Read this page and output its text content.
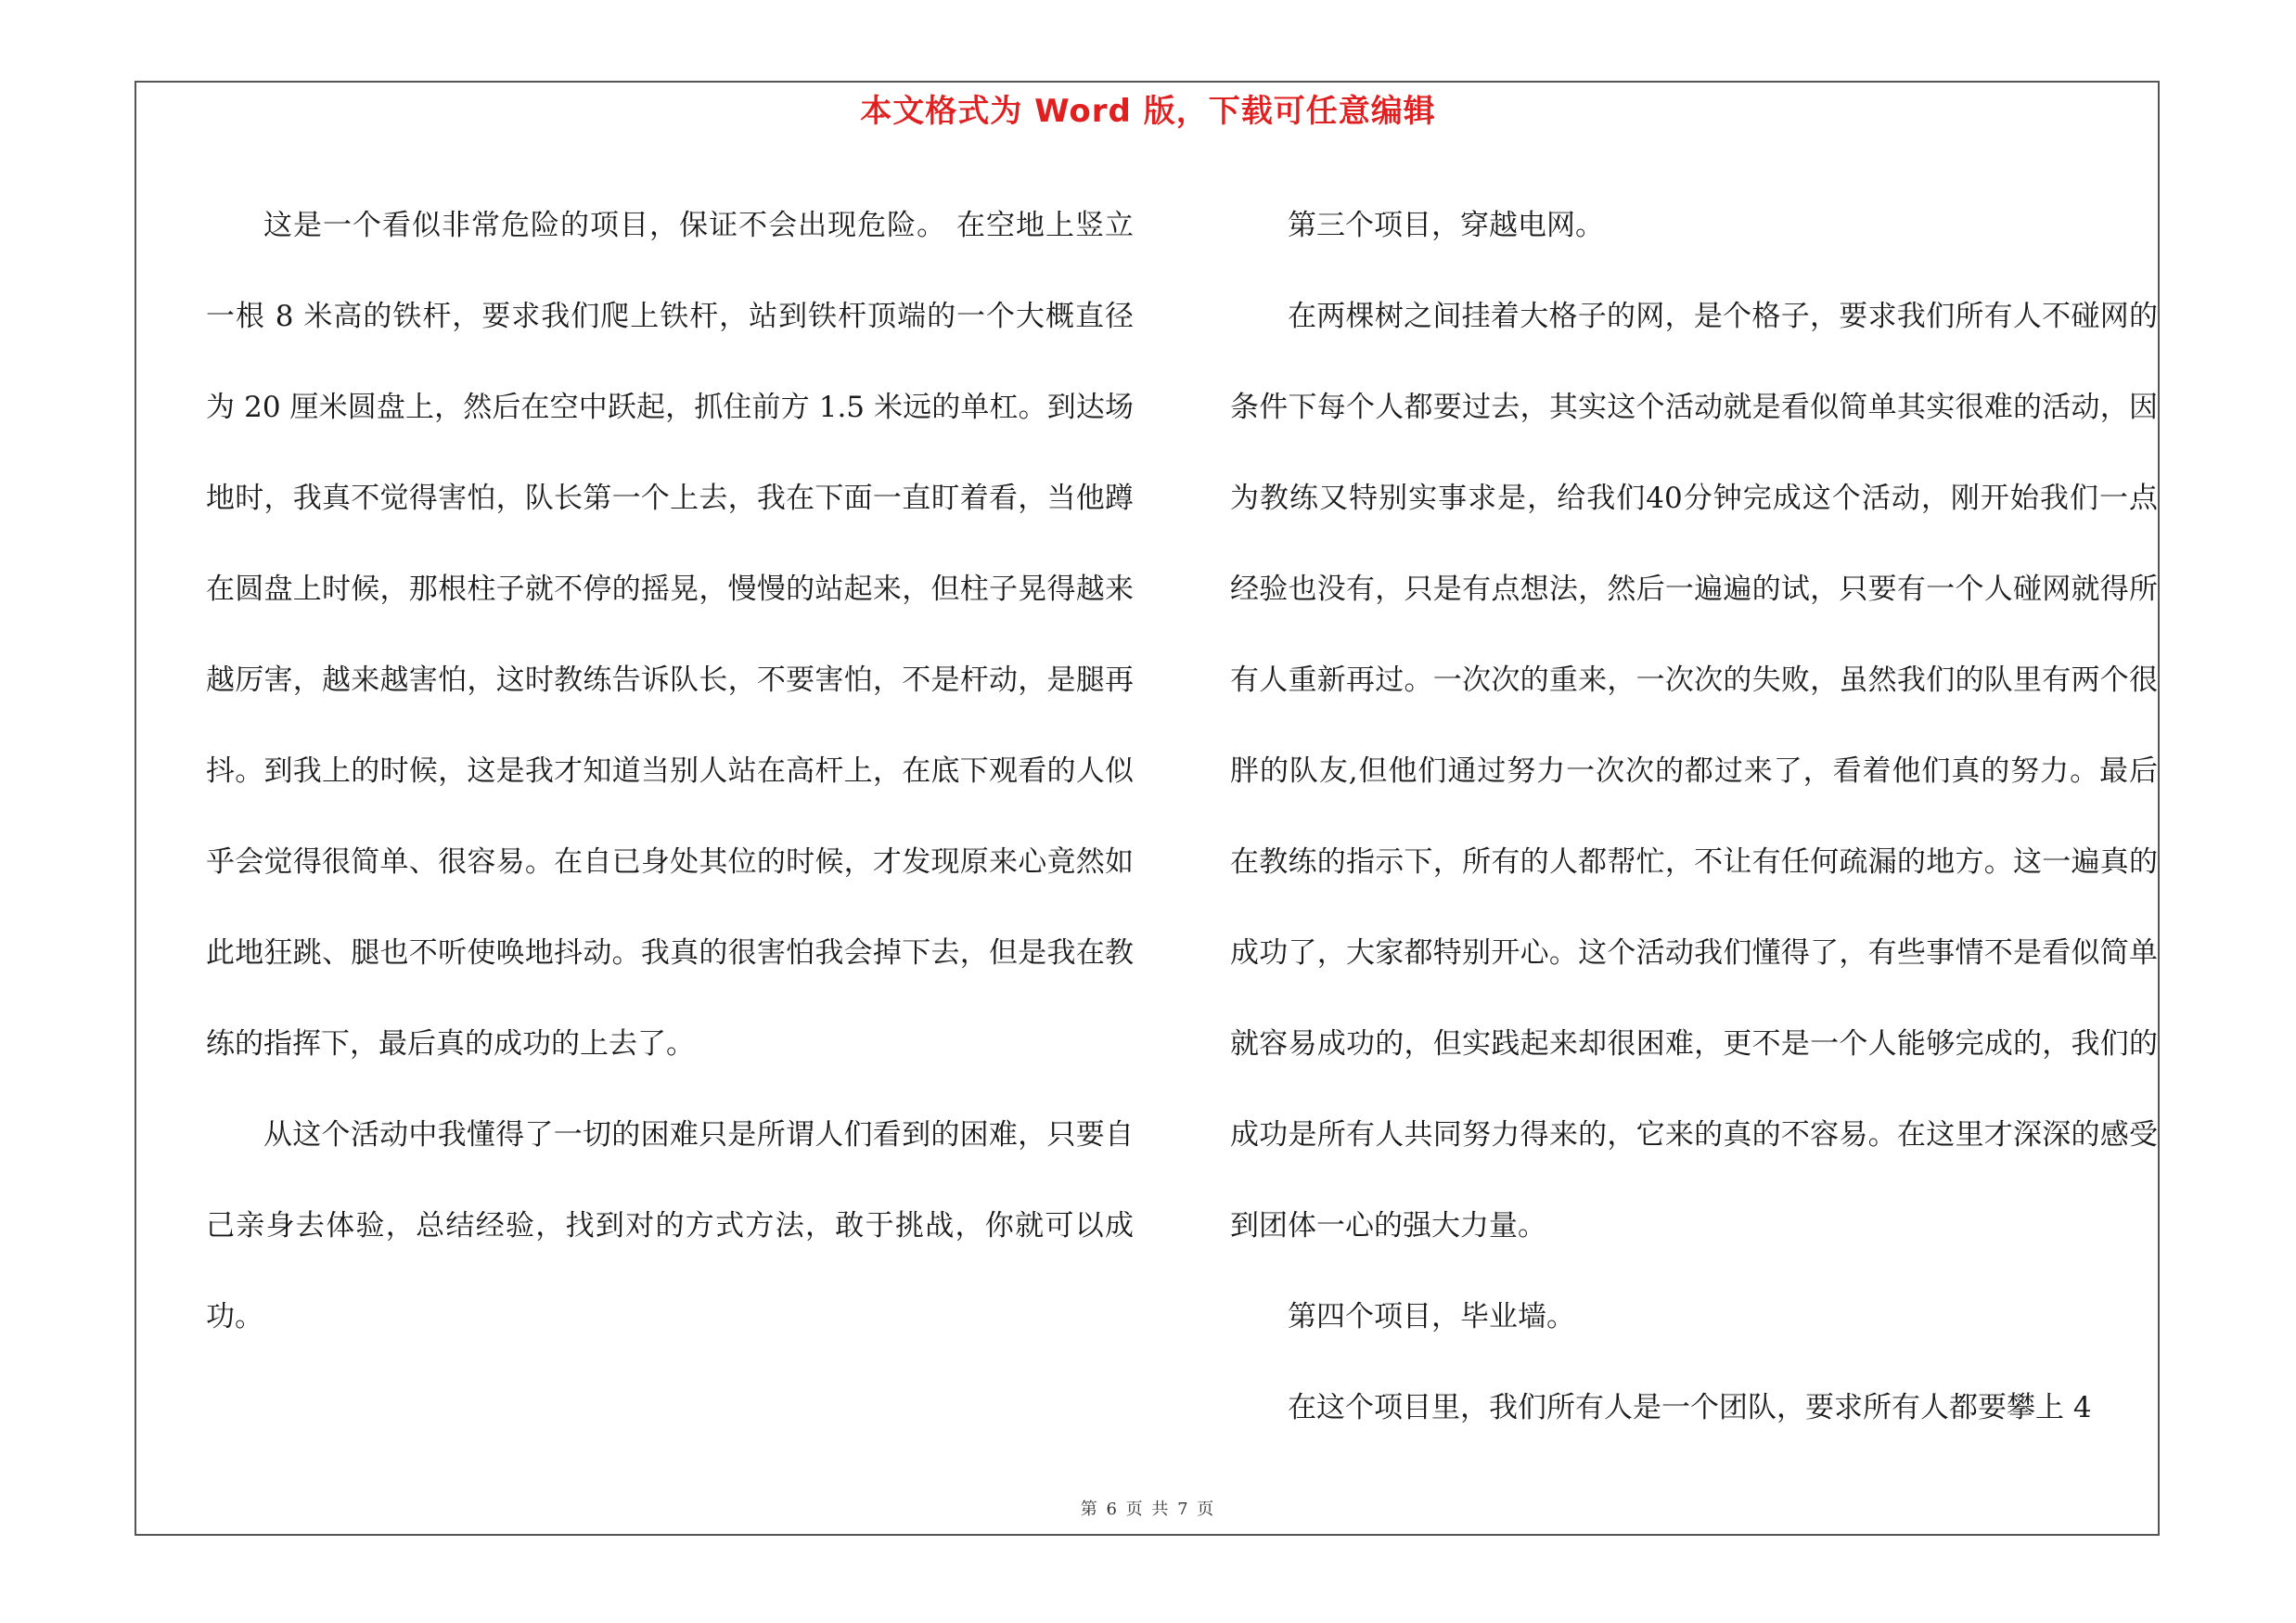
本文格式为 Word 版，下载可任意编辑

这是一个看似非常危险的项目，保证不会出现危险。 在空地上竖立一根 8 米高的铁杆，要求我们爬上铁杆，站到铁杆顶端的一个大概直径为 20 厘米圆盘上，然后在空中跃起，抓住前方 1.5 米远的单杠。到达场地时，我真不觉得害怕，队长第一个上去，我在下面一直盯着看，当他蹲在圆盘上时候，那根柱子就不停的摇晃，慢慢的站起来，但柱子晃得越来越厉害，越来越害怕，这时教练告诉队长，不要害怕，不是杆动，是腿再抖。到我上的时候，这是我才知道当别人站在高杆上，在底下观看的人似乎会觉得很简单、很容易。在自已身处其位的时候，才发现原来心竟然如此地狂跳、腿也不听使唤地抖动。我真的很害怕我会掉下去，但是我在教练的指挥下，最后真的成功的上去了。

从这个活动中我懂得了一切的困难只是所谓人们看到的困难，只要自己亲身去体验，总结经验，找到对的方式方法，敢于挑战，你就可以成功。

第三个项目，穿越电网。

在两棵树之间挂着大格子的网，是个格子，要求我们所有人不碰网的条件下每个人都要过去，其实这个活动就是看似简单其实很难的活动，因为教练又特别实事求是，给我们40分钟完成这个活动，刚开始我们一点经验也没有，只是有点想法，然后一遍遍的试，只要有一个人碰网就得所有人重新再过。一次次的重来，一次次的失败，虽然我们的队里有两个很胖的队友,但他们通过努力一次次的都过来了，看着他们真的努力。最后在教练的指示下，所有的人都帮忙，不让有任何疏漏的地方。这一遍真的成功了，大家都特别开心。这个活动我们懂得了，有些事情不是看似简单就容易成功的，但实践起来却很困难，更不是一个人能够完成的，我们的成功是所有人共同努力得来的，它来的真的不容易。在这里才深深的感受到团体一心的强大力量。

第四个项目，毕业墙。

在这个项目里，我们所有人是一个团队，要求所有人都要攀上 4

第 6 页 共 7 页
